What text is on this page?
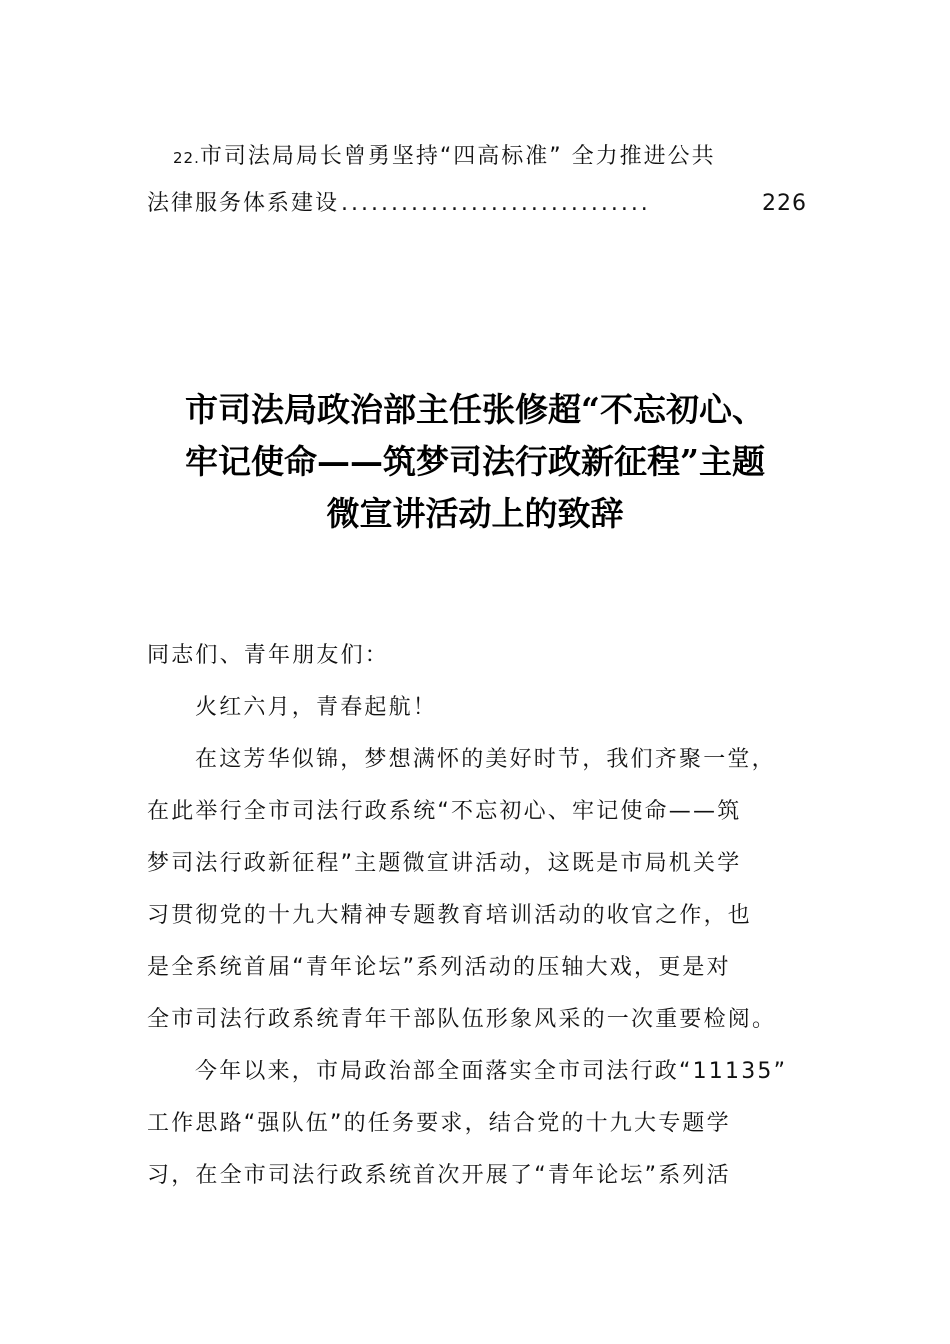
22.市司法局局长曾勇坚持“四高标准” 全力推进公共
法律服务体系建设 ...............................	226
市司法局政治部主任张修超“不忘初心、
牢记使命——筑梦司法行政新征程”主题
微宣讲活动上的致辞
同志们、青年朋友们：
火红六月，青春起航！
在这芳华似锦，梦想满怀的美好时节，我们齐聚一堂，
在此举行全市司法行政系统“不忘初心、牢记使命——筑
梦司法行政新征程”主题微宣讲活动，这既是市局机关学
习贯彻党的十九大精神专题教育培训活动的收官之作，也
是全系统首届“青年论坛”系列活动的压轴大戏，更是对
全市司法行政系统青年干部队伍形象风采的一次重要检阅。
今年以来，市局政治部全面落实全市司法行政“11135”
工作思路“强队伍”的任务要求，结合党的十九大专题学
习，在全市司法行政系统首次开展了“青年论坛”系列活
